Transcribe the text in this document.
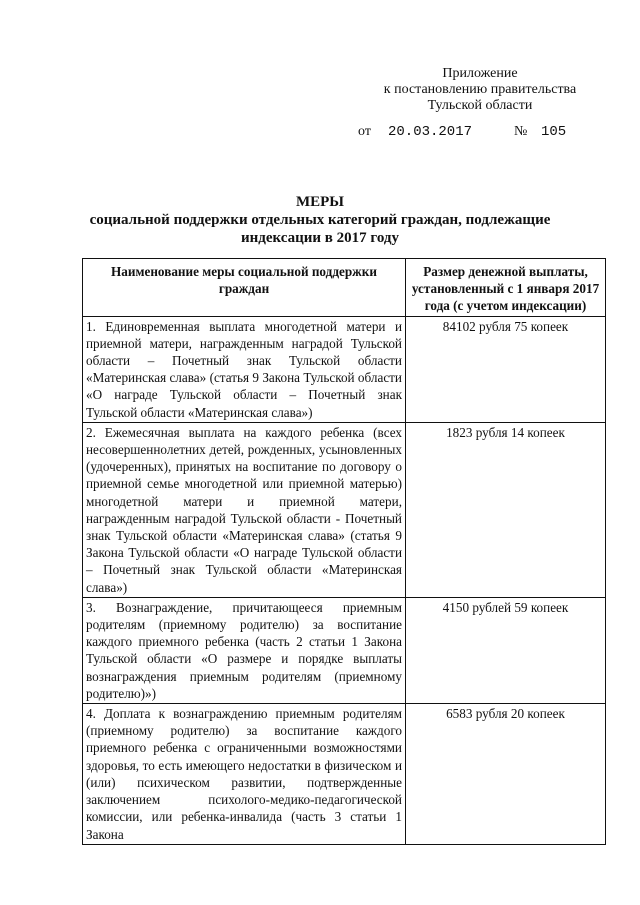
Приложение
к постановлению правительства
Тульской области
от 20.03.2017	№ 105
МЕРЫ
социальной поддержки отдельных категорий граждан, подлежащие
индексации в 2017 году
Наименование меры социальной поддержки граждан	Размер денежной выплаты, установленный с 1 января 2017 года (с учетом индексации)
1. Единовременная выплата многодетной матери и приемной матери, награжденным наградой Тульской области – Почетный знак Тульской области «Материнская слава» (статья 9 Закона Тульской области «О награде Тульской области – Почетный знак Тульской области «Материнская слава»)	84102 рубля 75 копеек
2. Ежемесячная выплата на каждого ребенка (всех несовершеннолетних детей, рожденных, усыновленных (удочеренных), принятых на воспитание по договору о приемной семье многодетной или приемной матерью) многодетной матери и приемной матери, награжденным наградой Тульской области - Почетный знак Тульской области «Материнская слава» (статья 9 Закона Тульской области «О награде Тульской области – Почетный знак Тульской области «Материнская слава»)	1823 рубля 14 копеек
3. Вознаграждение, причитающееся приемным родителям (приемному родителю) за воспитание каждого приемного ребенка (часть 2 статьи 1 Закона Тульской области «О размере и порядке выплаты вознаграждения приемным родителям (приемному родителю)»)	4150 рублей 59 копеек
4. Доплата к вознаграждению приемным родителям (приемному родителю) за воспитание каждого приемного ребенка с ограниченными возможностями здоровья, то есть имеющего недостатки в физическом и (или) психическом развитии, подтвержденные заключением психолого-медико-педагогической комиссии, или ребенка-инвалида (часть 3 статьи 1 Закона	6583 рубля 20 копеек
